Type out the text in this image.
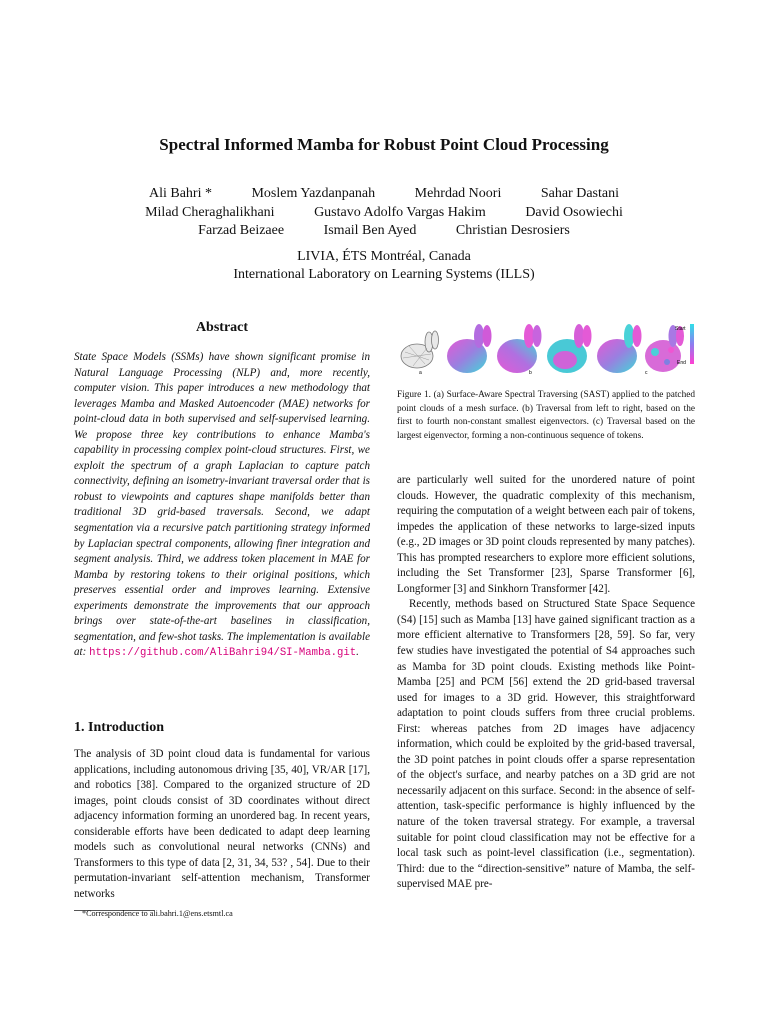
Spectral Informed Mamba for Robust Point Cloud Processing
Ali Bahri *	Moslem Yazdanpanah	Mehrdad Noori	Sahar Dastani
Milad Cheraghalikhani	Gustavo Adolfo Vargas Hakim	David Osowiechi
Farzad Beizaee	Ismail Ben Ayed	Christian Desrosiers
LIVIA, ÉTS Montréal, Canada
International Laboratory on Learning Systems (ILLS)
Abstract
State Space Models (SSMs) have shown significant promise in Natural Language Processing (NLP) and, more recently, computer vision. This paper introduces a new methodology that leverages Mamba and Masked Autoencoder (MAE) networks for point-cloud data in both supervised and self-supervised learning. We propose three key contributions to enhance Mamba's capability in processing complex point-cloud structures. First, we exploit the spectrum of a graph Laplacian to capture patch connectivity, defining an isometry-invariant traversal order that is robust to viewpoints and captures shape manifolds better than traditional 3D grid-based traversals. Second, we adapt segmentation via a recursive patch partitioning strategy informed by Laplacian spectral components, allowing finer integration and segment analysis. Third, we address token placement in MAE for Mamba by restoring tokens to their original positions, which preserves essential order and improves learning. Extensive experiments demonstrate the improvements that our approach brings over state-of-the-art baselines in classification, segmentation, and few-shot tasks. The implementation is available at: https://github.com/AliBahri94/SI-Mamba.git.
1. Introduction
The analysis of 3D point cloud data is fundamental for various applications, including autonomous driving [35, 40], VR/AR [17], and robotics [38]. Compared to the organized structure of 2D images, point clouds consist of 3D coordinates without direct adjacency information forming an unordered bag. In recent years, considerable efforts have been dedicated to adapt deep learning models such as convolutional neural networks (CNNs) and Transformers to this type of data [2, 31, 34, 53? , 54]. Due to their permutation-invariant self-attention mechanism, Transformer networks
*Correspondence to ali.bahri.1@ens.etsmtl.ca
Start
End
a	b	c
Figure 1. (a) Surface-Aware Spectral Traversing (SAST) applied to the patched point clouds of a mesh surface. (b) Traversal from left to right, based on the first to fourth non-constant smallest eigenvectors. (c) Traversal based on the largest eigenvector, forming a non-continuous sequence of tokens.

are particularly well suited for the unordered nature of point clouds. However, the quadratic complexity of this mechanism, requiring the computation of a weight between each pair of tokens, impedes the application of these networks to large-sized inputs (e.g., 2D images or 3D point clouds represented by many patches). This has prompted researchers to explore more efficient solutions, including the Set Transformer [23], Sparse Transformer [6], Longformer [3] and Sinkhorn Transformer [42].

Recently, methods based on Structured State Space Sequence (S4) [15] such as Mamba [13] have gained significant traction as a more efficient alternative to Transformers [28, 59]. So far, very few studies have investigated the potential of S4 approaches such as Mamba for 3D point clouds. Existing methods like Point-Mamba [25] and PCM [56] extend the 2D grid-based traversal used for images to a 3D grid. However, this straightforward adaptation to point clouds suffers from three crucial problems. First: whereas patches from 2D images have adjacency information, which could be exploited by the grid-based traversal, the 3D point patches in point clouds offer a sparse representation of the object's surface, and nearby patches on a 3D grid are not necessarily adjacent on this surface. Second: in the absence of self-attention, task-specific performance is highly influenced by the nature of the token traversal strategy. For example, a traversal suitable for point cloud classification may not be effective for a local task such as point-level classification (i.e., segmentation). Third: due to the “direction-sensitive” nature of Mamba, the self-supervised MAE pre-
